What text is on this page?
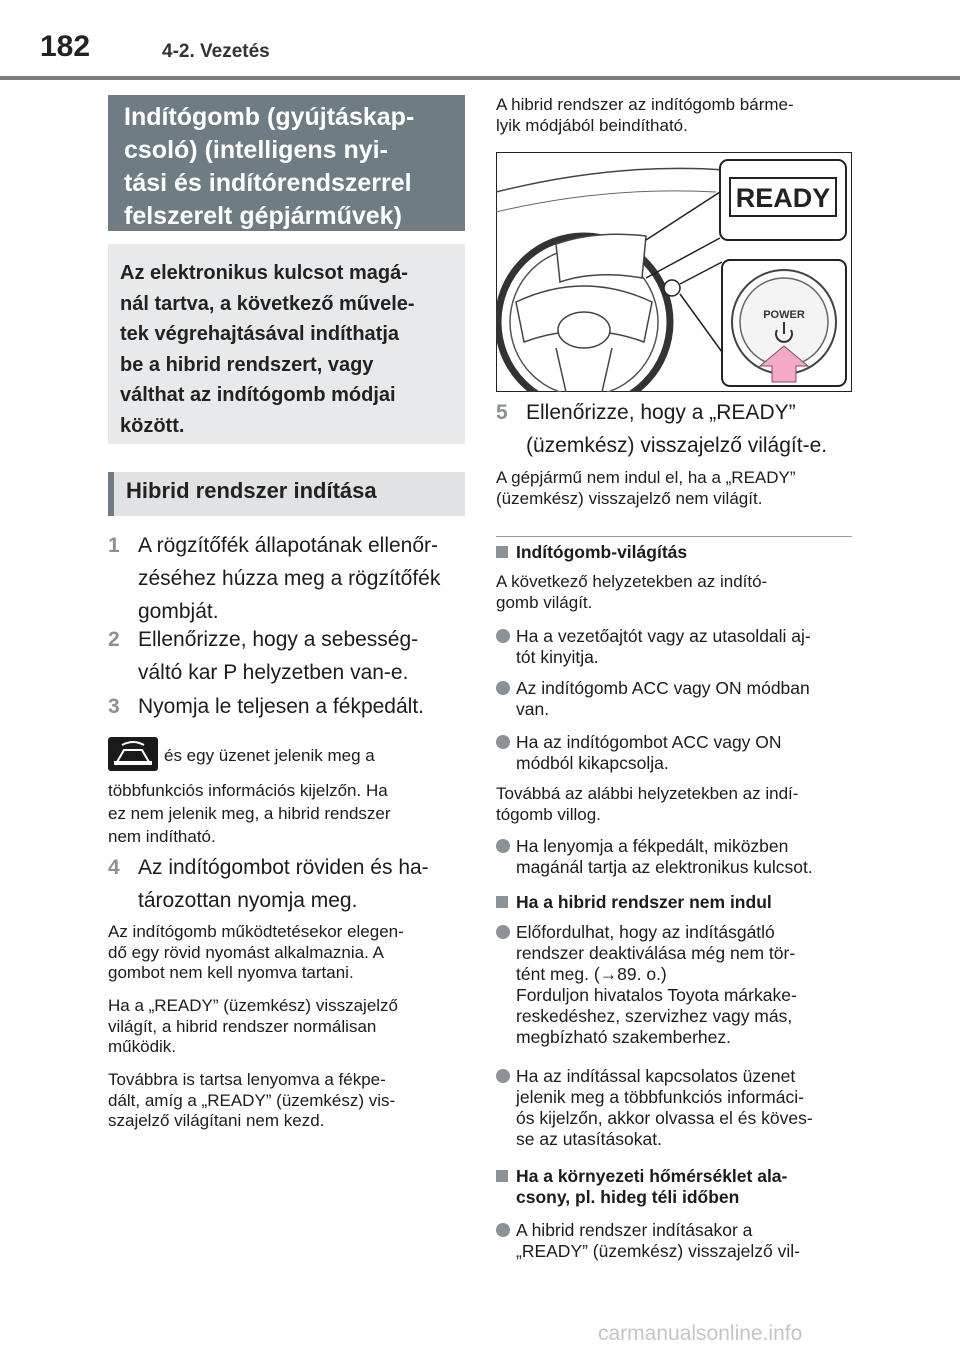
182	4-2. Vezetés
Indítógomb (gyújtáskap-
csoló) (intelligens nyi-
tási és indítórendszerrel
felszerelt gépjárművek)
Az elektronikus kulcsot magá-
nál tartva, a következő művele-
tek végrehajtásával indíthatja
be a hibrid rendszert, vagy
válthat az indítógomb módjai
között.
Hibrid rendszer indítása
1 A rögzítőfék állapotának ellenőr-
zéséhez húzza meg a rögzítőfék
gombját.
2 Ellenőrizze, hogy a sebesség-
váltó kar P helyzetben van-e.
3 Nyomja le teljesen a fékpedált.
és egy üzenet jelenik meg a
többfunkciós információs kijelzőn. Ha
ez nem jelenik meg, a hibrid rendszer
nem indítható.
4 Az indítógombot röviden és ha-
tározottan nyomja meg.
Az indítógomb működtetésekor elegen-
dő egy rövid nyomást alkalmaznia. A
gombot nem kell nyomva tartani.
Ha a „READY” (üzemkész) visszajelző
világít, a hibrid rendszer normálisan
működik.
Továbbra is tartsa lenyomva a fékpe-
dált, amíg a „READY” (üzemkész) vis-
szajelző világítani nem kezd.
A hibrid rendszer az indítógomb bárme-
lyik módjából beindítható.
READY
POWER
5 Ellenőrizze, hogy a „READY”
(üzemkész) visszajelző világít-e.
A gépjármű nem indul el, ha a „READY”
(üzemkész) visszajelző nem világít.
Indítógomb-világítás
A következő helyzetekben az indító-
gomb világít.
Ha a vezetőajtót vagy az utasoldali aj-
tót kinyitja.
Az indítógomb ACC vagy ON módban
van.
Ha az indítógombot ACC vagy ON
módból kikapcsolja.
Továbbá az alábbi helyzetekben az indí-
tógomb villog.
Ha lenyomja a fékpedált, miközben
magánál tartja az elektronikus kulcsot.
Ha a hibrid rendszer nem indul
Előfordulhat, hogy az indításgátló
rendszer deaktiválása még nem tör-
tént meg. (→89. o.)
Forduljon hivatalos Toyota márkake-
reskedéshez, szervizhez vagy más,
megbízható szakemberhez.
Ha az indítással kapcsolatos üzenet
jelenik meg a többfunkciós informáci-
ós kijelzőn, akkor olvassa el és köves-
se az utasításokat.
Ha a környezeti hőmérséklet ala-
csony, pl. hideg téli időben
A hibrid rendszer indításakor a
„READY” (üzemkész) visszajelző vil-
carmanualsonline.info
